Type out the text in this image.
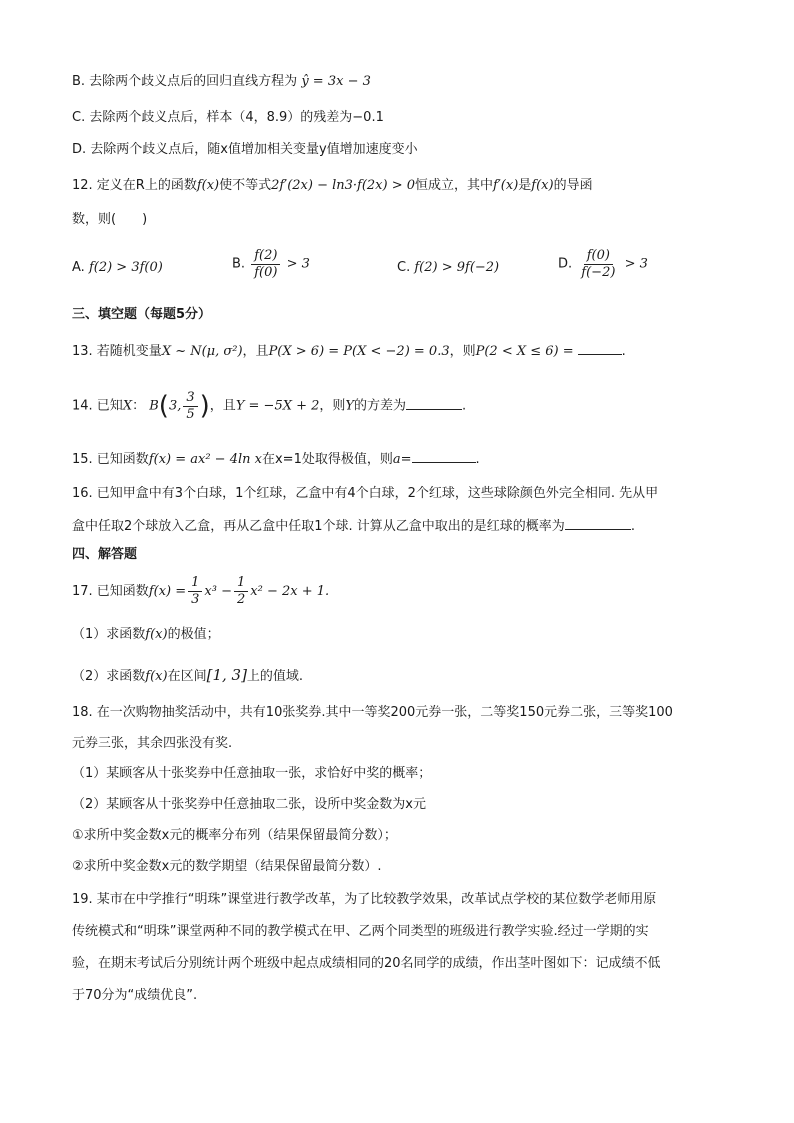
B. 去除两个歧义点后的回归直线方程为 ŷ = 3x − 3
C. 去除两个歧义点后，样本（4，8.9）的残差为−0.1
D. 去除两个歧义点后，随x值增加相关变量y值增加速度变小
12. 定义在R上的函数f(x)使不等式2f′(2x) − ln3·f(2x) > 0恒成立，其中f′(x)是f(x)的导函
数，则(　　)
A. f(2) > 3f(0)	B. $\frac{f(2)}{f(0)} > 3$	C. f(2) > 9f(−2)	D. $\frac{f(0)}{f(-2)} > 3$
三、填空题（每题5分）
13. 若随机变量X ~ N(μ, σ²)，且P(X > 6) = P(X < −2) = 0.3，则P(2 < X ≤ 6) =	.
14. 已知X： B(3, $\frac{3}{5}$ )，且Y = −5X + 2，则Y的方差为	.
15. 已知函数f(x) = ax² − 4ln x在x=1处取得极值，则a=	.
16. 已知甲盒中有3个白球，1个红球，乙盒中有4个白球，2个红球，这些球除颜色外完全相同. 先从甲
盒中任取2个球放入乙盒，再从乙盒中任取1个球. 计算从乙盒中取出的是红球的概率为	.
四、解答题
17. 已知函数$f(x) = \frac{1}{3} x^3 - \frac{1}{2} x^2 - 2x + 1$.
（1）求函数f(x)的极值；
（2）求函数f(x)在区间[1, 3]上的值域.
18. 在一次购物抽奖活动中，共有10张奖券.其中一等奖200元券一张，二等奖150元券二张，三等奖100
元券三张，其余四张没有奖.
（1）某顾客从十张奖券中任意抽取一张，求恰好中奖的概率；
（2）某顾客从十张奖券中任意抽取二张，设所中奖金数为x元
①求所中奖金数x元的概率分布列（结果保留最简分数）；
②求所中奖金数x元的数学期望（结果保留最简分数）.
19. 某市在中学推行“明珠”课堂进行教学改革，为了比较教学效果，改革试点学校的某位数学老师用原
传统模式和“明珠”课堂两种不同的教学模式在甲、乙两个同类型的班级进行教学实验.经过一学期的实
验，在期末考试后分别统计两个班级中起点成绩相同的20名同学的成绩，作出茎叶图如下：记成绩不低
于70分为“成绩优良”.
